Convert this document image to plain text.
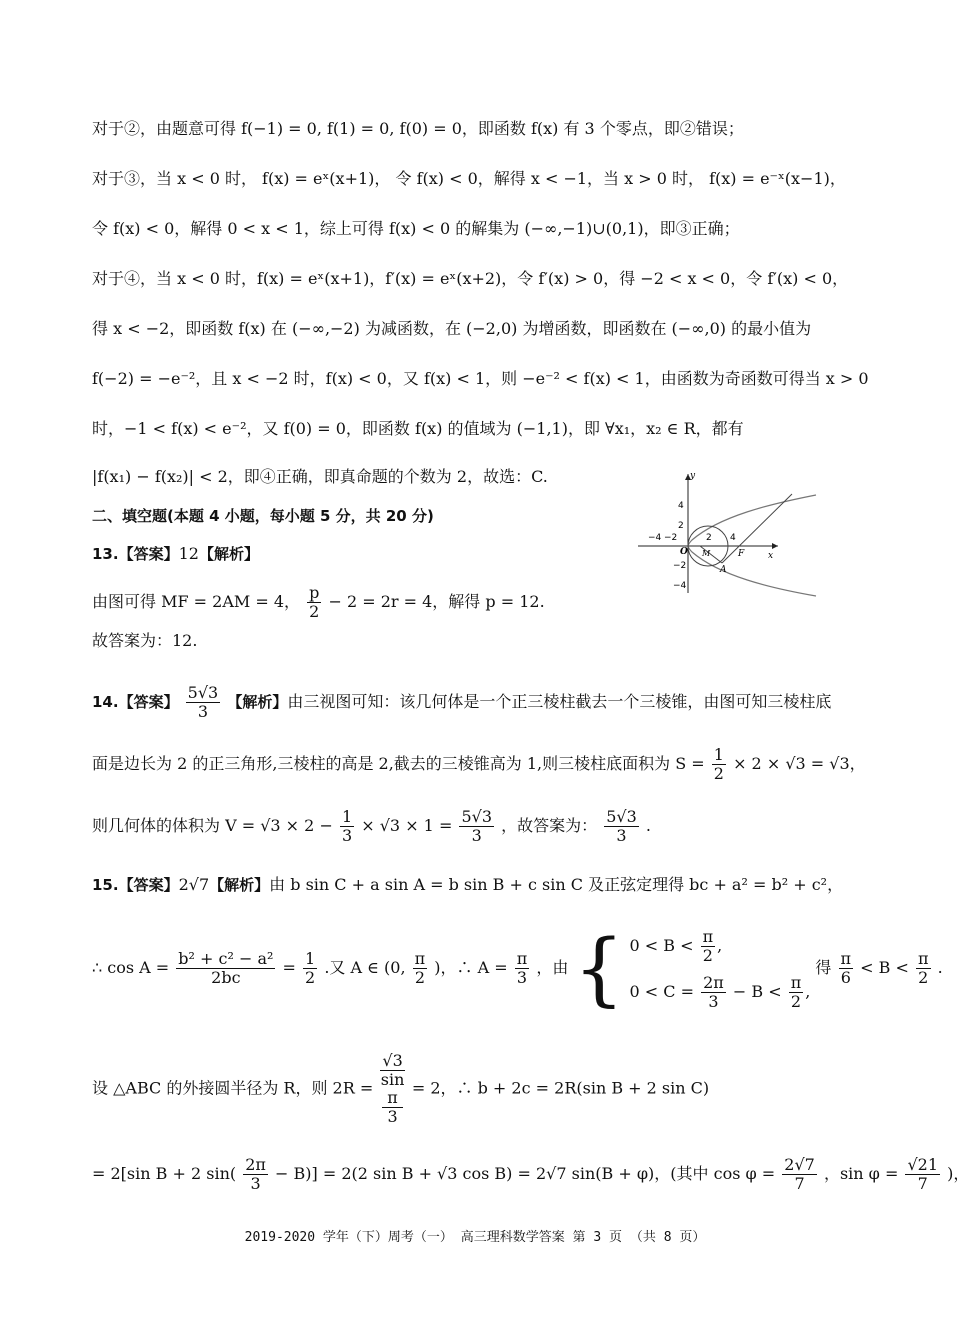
对于②，由题意可得 f(−1) = 0, f(1) = 0, f(0) = 0，即函数 f(x) 有 3 个零点，即②错误；
对于③，当 x < 0 时， f(x) = eˣ(x+1)， 令 f(x) < 0，解得 x < −1，当 x > 0 时， f(x) = e⁻ˣ(x−1)，
令 f(x) < 0，解得 0 < x < 1，综上可得 f(x) < 0 的解集为 (−∞,−1)∪(0,1)，即③正确；
对于④，当 x < 0 时，f(x) = eˣ(x+1)，f′(x) = eˣ(x+2)，令 f′(x) > 0，得 −2 < x < 0，令 f′(x) < 0，
得 x < −2，即函数 f(x) 在 (−∞,−2) 为减函数，在 (−2,0) 为增函数，即函数在 (−∞,0) 的最小值为
f(−2) = −e⁻²，且 x < −2 时，f(x) < 0，又 f(x) < 1，则 −e⁻² < f(x) < 1，由函数为奇函数可得当 x > 0
时，−1 < f(x) < e⁻²，又 f(0) = 0，即函数 f(x) 的值域为 (−1,1)，即 ∀x₁，x₂ ∈ R，都有
|f(x₁) − f(x₂)| < 2，即④正确，即真命题的个数为 2，故选：C.
二、填空题(本题 4 小题，每小题 5 分，共 20 分)
13.【答案】12【解析】
由图可得 MF = 2AM = 4， $\frac{p}{2} - 2 = 2r = 4$，解得 p = 12.
故答案为：12.
14.【答案】 $\frac{5√3}{3}$ 【解析】由三视图可知：该几何体是一个正三棱柱截去一个三棱锥，由图可知三棱柱底
面是边长为 2 的正三角形,三棱柱的高是 2,截去的三棱锥高为 1,则三棱柱底面积为 $S = \frac{1}{2} \times 2 \times √3 = √3$，
则几何体的体积为 $V = √3 \times 2 - \frac{1}{3} \times √3 \times 1 = \frac{5√3}{3}$ ，故答案为： $\frac{5√3}{3}$ .
15.【答案】2√7【解析】由 b sin C + a sin A = b sin B + c sin C 及正弦定理得 bc + a² = b² + c²，
∴ $\cos A = \frac{\text{b² + c² − a²}}{2bc} = \frac{1}{2}$ .又 A ∈ (0, $\frac{\pi}{2}$ )，∴ $A = \frac{\pi}{3}$ ，由 { $0 < B < \frac{\pi}{2}$ ,
$0 < C = \frac{2\pi}{3} - B < \frac{\pi}{2}$ ,
得 $\frac{\pi}{6} < B < \frac{\pi}{2}$ .
设 △ABC 的外接圆半径为 R，则 2R = √3
sin
π
3 = 2，∴ b + 2c = 2R(sin B + 2 sin C)
= 2[sin B + 2 $\sin( \frac{2\pi}{3} - B)] = 2(2$ sin B + √3 cos B) = 2√7 sin(B + φ)，(其中 $\cos \varphi = \frac{2√7}{7}$ ，$\sin \varphi = \frac{√21}{7}$ )，
y
x
−4 −2	2 4
4
2
−2
−4
O M	F
A
2019-2020 学年（下）周考（一） 高三理科数学答案 第 3 页 （共 8 页）
